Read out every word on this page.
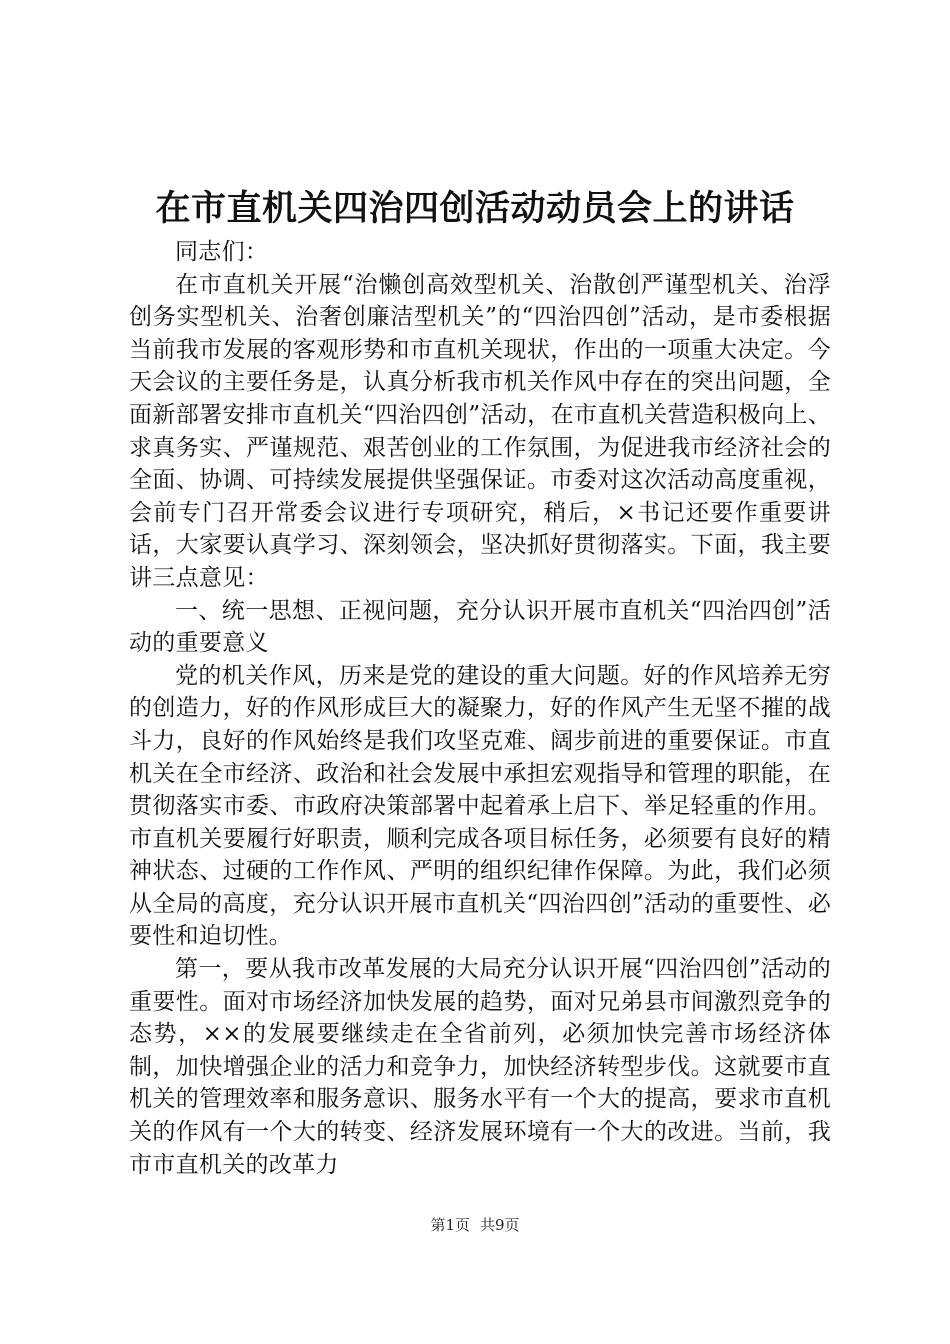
在市直机关四治四创活动动员会上的讲话

同志们：

在市直机关开展“治懒创高效型机关、治散创严谨型机关、治浮创务实型机关、治奢创廉洁型机关”的“四治四创”活动，是市委根据当前我市发展的客观形势和市直机关现状，作出的一项重大决定。今天会议的主要任务是，认真分析我市机关作风中存在的突出问题，全面新部署安排市直机关“四治四创”活动，在市直机关营造积极向上、求真务实、严谨规范、艰苦创业的工作氛围，为促进我市经济社会的全面、协调、可持续发展提供坚强保证。市委对这次活动高度重视，会前专门召开常委会议进行专项研究，稍后，×书记还要作重要讲话，大家要认真学习、深刻领会，坚决抓好贯彻落实。下面，我主要讲三点意见：

一、统一思想、正视问题，充分认识开展市直机关“四治四创”活动的重要意义

党的机关作风，历来是党的建设的重大问题。好的作风培养无穷的创造力，好的作风形成巨大的凝聚力，好的作风产生无坚不摧的战斗力，良好的作风始终是我们攻坚克难、阔步前进的重要保证。市直机关在全市经济、政治和社会发展中承担宏观指导和管理的职能，在贯彻落实市委、市政府决策部署中起着承上启下、举足轻重的作用。市直机关要履行好职责，顺利完成各项目标任务，必须要有良好的精神状态、过硬的工作作风、严明的组织纪律作保障。为此，我们必须从全局的高度，充分认识开展市直机关“四治四创”活动的重要性、必要性和迫切性。

第一，要从我市改革发展的大局充分认识开展“四治四创”活动的重要性。面对市场经济加快发展的趋势，面对兄弟县市间激烈竞争的态势，××的发展要继续走在全省前列，必须加快完善市场经济体制，加快增强企业的活力和竞争力，加快经济转型步伐。这就要市直机关的管理效率和服务意识、服务水平有一个大的提高，要求市直机关的作风有一个大的转变、经济发展环境有一个大的改进。当前，我市市直机关的改革力

第1页 共9页
